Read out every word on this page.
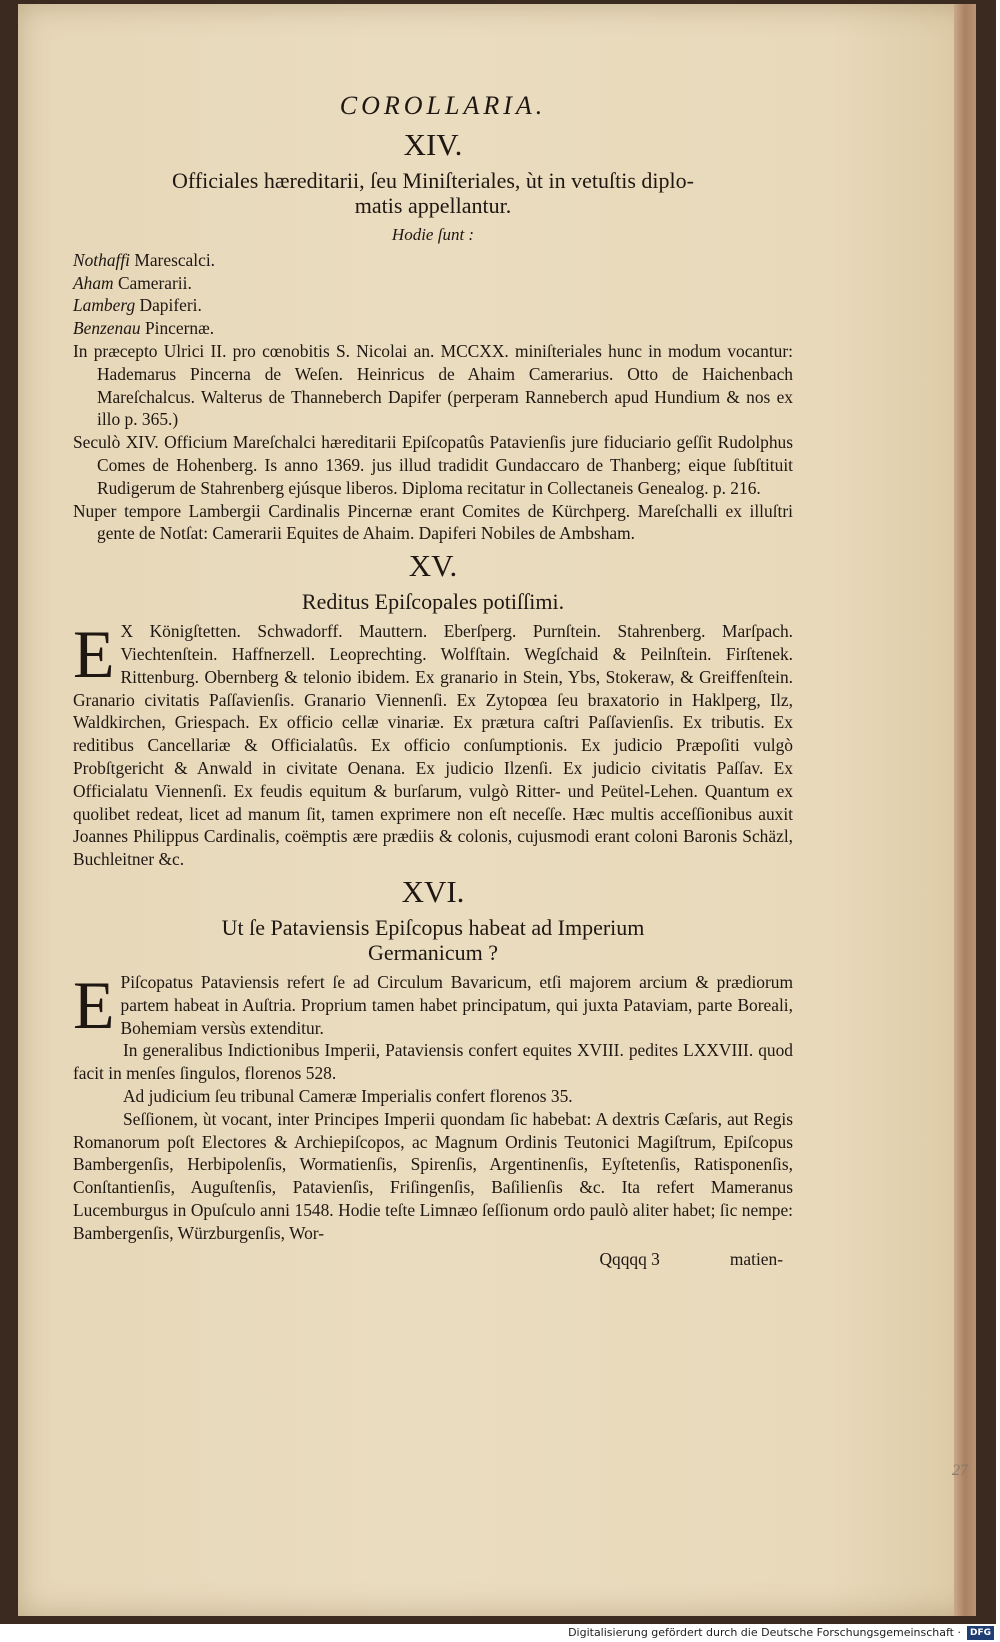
COROLLARIA.
XIV.
Officiales hæreditarii, ſeu Miniſteriales, ùt in vetuſtis diplo-
matis appellantur.
Hodie ſunt :
Nothaffi Marescalci.
Aham Camerarii.
Lamberg Dapiferi.
Benzenau Pincernæ.

In præcepto Ulrici II. pro cœnobitis S. Nicolai an. MCCXX. miniſteriales hunc in modum vocantur: Hademarus Pincerna de Weſen. Heinricus de Ahaim Camerarius. Otto de Haichenbach Mareſchalcus. Walterus de Thanneberch Dapifer (perperam Ranneberch apud Hundium & nos ex illo p. 365.)

Seculò XIV. Officium Mareſchalci hæreditarii Epiſcopatûs Patavienſis jure fiduciario geſſit Rudolphus Comes de Hohenberg. Is anno 1369. jus illud tradidit Gundaccaro de Thanberg; eique ſubſtituit Rudigerum de Stahrenberg ejúsque liberos. Diploma recitatur in Collectaneis Genealog. p. 216.

Nuper tempore Lambergii Cardinalis Pincernæ erant Comites de Kürchperg. Mareſchalli ex illuſtri gente de Notſat: Camerarii Equites de Ahaim. Dapiferi Nobiles de Ambsham.

XV.
Reditus Epiſcopales potiſſimi.

E X Königſtetten. Schwadorff. Mauttern. Eberſperg. Purnſtein. Stahrenberg. Marſpach. Viechtenſtein. Haffnerzell. Leoprechting. Wolfſtain. Wegſchaid & Peilnſtein. Firſtenek. Rittenburg. Obernberg & telonio ibidem. Ex granario in Stein, Ybs, Stokeraw, & Greiffenſtein. Granario civitatis Paſſavienſis. Granario Viennenſi. Ex Zytopœa ſeu braxatorio in Haklperg, Ilz, Waldkirchen, Griespach. Ex officio cellæ vinariæ. Ex prætura caſtri Paſſavienſis. Ex tributis. Ex reditibus Cancellariæ & Officialatûs. Ex officio conſumptionis. Ex judicio Præpoſiti vulgò Probſtgericht & Anwald in civitate Oenana. Ex judicio Ilzenſi. Ex judicio civitatis Paſſav. Ex Officialatu Viennenſi. Ex feudis equitum & burſarum, vulgò Ritter- und Peütel-Lehen. Quantum ex quolibet redeat, licet ad manum ſit, tamen exprimere non eſt neceſſe. Hæc multis acceſſionibus auxit Joannes Philippus Cardinalis, coëmptis ære prædiis & colonis, cujusmodi erant coloni Baronis Schäzl, Buchleitner &c.

XVI.
Ut ſe Pataviensis Epiſcopus habeat ad Imperium
Germanicum ?

E Piſcopatus Pataviensis refert ſe ad Circulum Bavaricum, etſi majorem arcium & prædiorum partem habeat in Auſtria. Proprium tamen habet principatum, qui juxta Pataviam, parte Boreali, Bohemiam versùs extenditur.

In generalibus Indictionibus Imperii, Pataviensis confert equites XVIII. pedites LXXVIII. quod facit in menſes ſingulos, florenos 528.

Ad judicium ſeu tribunal Cameræ Imperialis confert florenos 35.

Seſſionem, ùt vocant, inter Principes Imperii quondam ſic habebat: A dextris Cæſaris, aut Regis Romanorum poſt Electores & Archiepiſcopos, ac Magnum Ordinis Teutonici Magiſtrum, Epiſcopus Bambergenſis, Herbipolenſis, Wormatienſis, Spirenſis, Argentinenſis, Eyſtetenſis, Ratisponenſis, Conſtantienſis, Auguſtenſis, Patavienſis, Friſingenſis, Baſilienſis &c. Ita refert Mameranus Lucemburgus in Opuſculo anni 1548. Hodie teſte Limnæo ſeſſionum ordo paulò aliter habet; ſic nempe: Bambergenſis, Würzburgenſis, Wor-

Qqqqq 3	matien-
27
Digitalisierung gefördert durch die Deutsche Forschungsgemeinschaft · DFG
